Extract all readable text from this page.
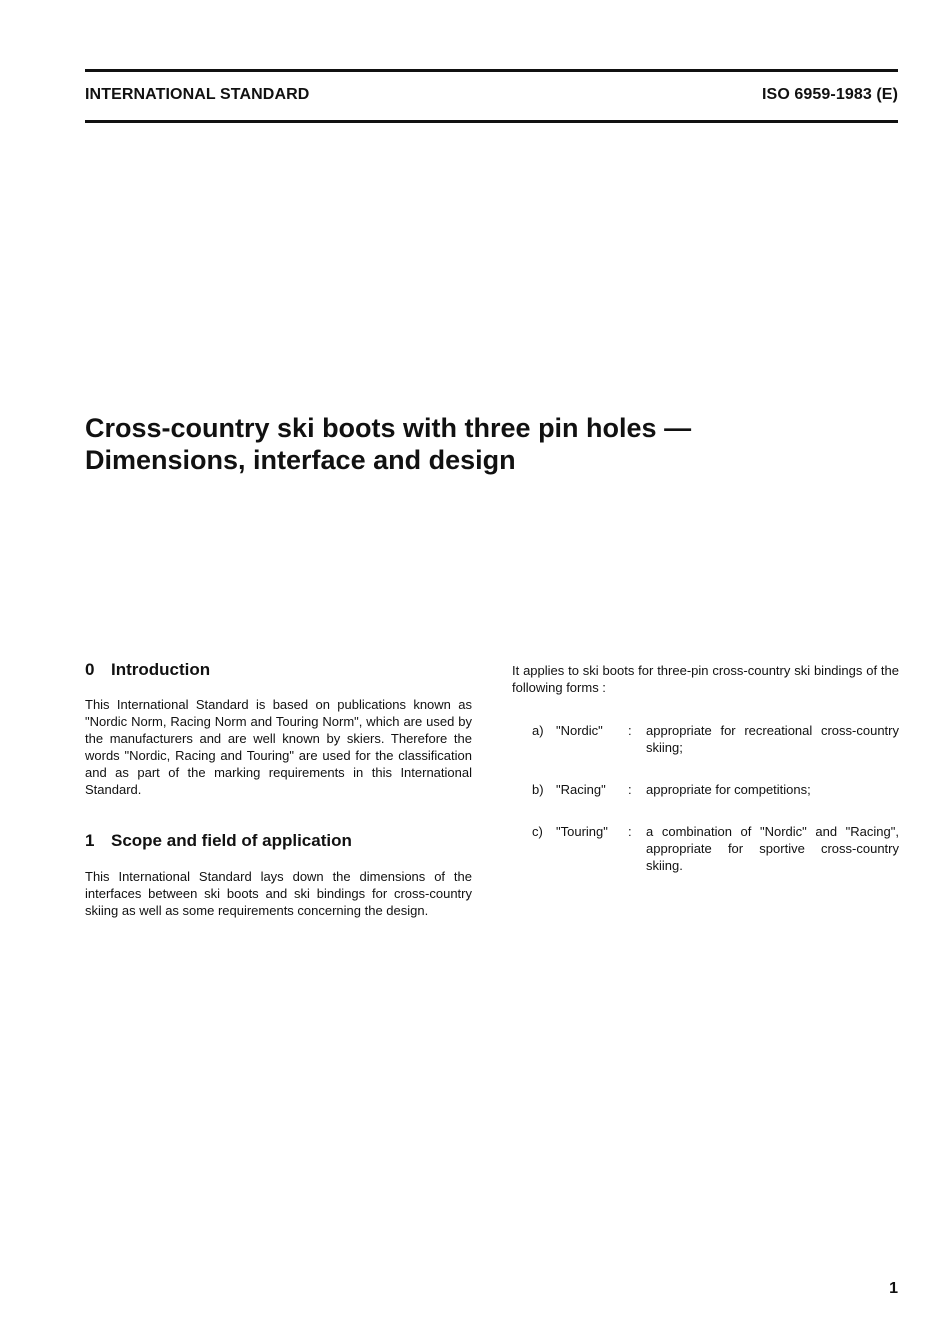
INTERNATIONAL STANDARD	ISO 6959-1983 (E)
Cross-country ski boots with three pin holes —
Dimensions, interface and design
0 Introduction

This International Standard is based on publications known as "Nordic Norm, Racing Norm and Touring Norm", which are used by the manufacturers and are well known by skiers. Therefore the words "Nordic, Racing and Touring" are used for the classification and as part of the marking requirements in this International Standard.

1 Scope and field of application

This International Standard lays down the dimensions of the interfaces between ski boots and ski bindings for cross-country skiing as well as some requirements concerning the design.

It applies to ski boots for three-pin cross-country ski bindings of the following forms :

a) "Nordic"	:	appropriate for recreational cross-country skiing;
b) "Racing"	:	appropriate for competitions;
c)	"Touring"	:	a combination of "Nordic" and "Racing", appropriate for sportive cross-country skiing.
1
